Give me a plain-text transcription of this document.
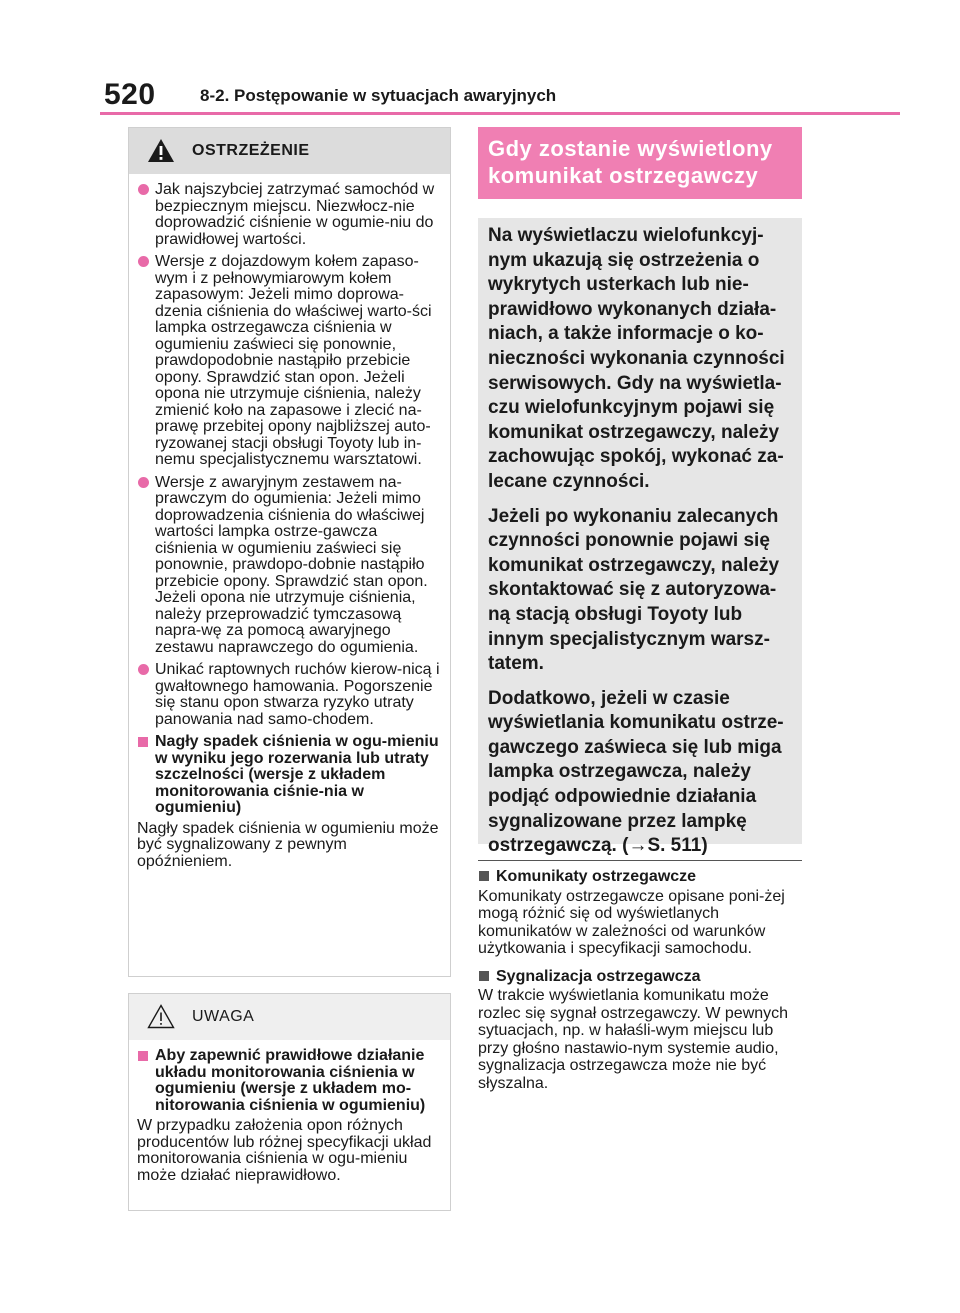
520	8-2. Postępowanie w sytuacjach awaryjnych
OSTRZEŻENIE
Jak najszybciej zatrzymać samochód w bezpiecznym miejscu. Niezwłocz-nie doprowadzić ciśnienie w ogumie-niu do prawidłowej wartości.
Wersje z dojazdowym kołem zapaso-wym i z pełnowymiarowym kołem zapasowym: Jeżeli mimo doprowa-dzenia ciśnienia do właściwej warto-ści lampka ostrzegawcza ciśnienia w ogumieniu zaświeci się ponownie, prawdopodobnie nastąpiło przebicie opony. Sprawdzić stan opon. Jeżeli opona nie utrzymuje ciśnienia, należy zmienić koło na zapasowe i zlecić na-prawę przebitej opony najbliższej auto-ryzowanej stacji obsługi Toyoty lub in-nemu specjalistycznemu warsztatowi.
Wersje z awaryjnym zestawem na-prawczym do ogumienia: Jeżeli mimo doprowadzenia ciśnienia do właściwej wartości lampka ostrze-gawcza ciśnienia w ogumieniu zaświeci się ponownie, prawdopo-dobnie nastąpiło przebicie opony. Sprawdzić stan opon. Jeżeli opona nie utrzymuje ciśnienia, należy przeprowadzić tymczasową napra-wę za pomocą awaryjnego zestawu naprawczego do ogumienia.
Unikać raptownych ruchów kierow-nicą i gwałtownego hamowania. Pogorszenie się stanu opon stwarza ryzyko utraty panowania nad samo-chodem.
Nagły spadek ciśnienia w ogu-mieniu w wyniku jego rozerwania lub utraty szczelności (wersje z układem monitorowania ciśnie-nia w ogumieniu)

Nagły spadek ciśnienia w ogumieniu może być sygnalizowany z pewnym opóźnieniem.

UWAGA
Aby zapewnić prawidłowe działanie układu monitorowania ciśnienia w ogumieniu (wersje z układem mo-nitorowania ciśnienia w ogumieniu)

W przypadku założenia opon różnych producentów lub różnej specyfikacji układ monitorowania ciśnienia w ogu-mieniu może działać nieprawidłowo.

Gdy zostanie wyświetlony komunikat ostrzegawczy

Na wyświetlaczu wielofunkcyj-nym ukazują się ostrzeżenia o wykrytych usterkach lub nie-prawidłowo wykonanych działa-niach, a także informacje o ko-nieczności wykonania czynności serwisowych. Gdy na wyświetla-czu wielofunkcyjnym pojawi się komunikat ostrzegawczy, należy zachowując spokój, wykonać za-lecane czynności.

Jeżeli po wykonaniu zalecanych czynności ponownie pojawi się komunikat ostrzegawczy, należy skontaktować się z autoryzowa-ną stacją obsługi Toyoty lub innym specjalistycznym warsz-tatem.

Dodatkowo, jeżeli w czasie wyświetlania komunikatu ostrze-gawczego zaświeca się lub miga lampka ostrzegawcza, należy podjąć odpowiednie działania sygnalizowane przez lampkę ostrzegawczą. (→S. 511)

Komunikaty ostrzegawcze

Komunikaty ostrzegawcze opisane poni-żej mogą różnić się od wyświetlanych komunikatów w zależności od warunków użytkowania i specyfikacji samochodu.

Sygnalizacja ostrzegawcza

W trakcie wyświetlania komunikatu może rozlec się sygnał ostrzegawczy. W pewnych sytuacjach, np. w hałaśli-wym miejscu lub przy głośno nastawio-nym systemie audio, sygnalizacja ostrzegawcza może nie być słyszalna.
